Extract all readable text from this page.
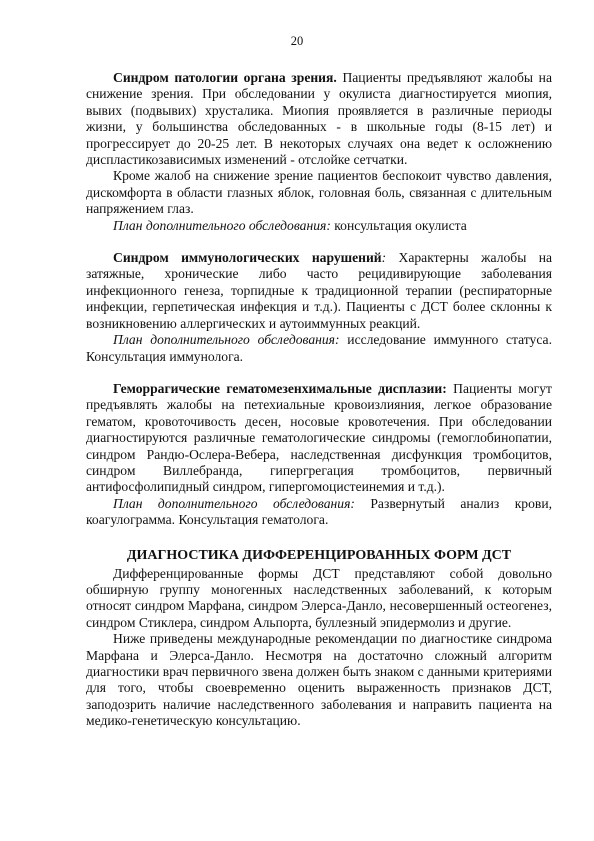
20

Синдром патологии органа зрения. Пациенты предъявляют жалобы на снижение зрения. При обследовании у окулиста диагностируется миопия, вывих (подвывих) хрусталика. Миопия проявляется в различные периоды жизни, у большинства обследованных - в школьные годы (8-15 лет) и прогрессирует до 20-25 лет. В некоторых случаях она ведет к осложнению диспластикозависимых изменений - отслойке сетчатки.

Кроме жалоб на снижение зрение пациентов беспокоит чувство давления, дискомфорта в области глазных яблок, головная боль, связанная с длительным напряжением глаз.

План дополнительного обследования: консультация окулиста

Синдром иммунологических нарушений: Характерны жалобы на затяжные, хронические либо часто рецидивирующие заболевания инфекционного генеза, торпидные к традиционной терапии (респираторные инфекции, герпетическая инфекция и т.д.). Пациенты с ДСТ более склонны к возникновению аллергических и аутоиммунных реакций.

План дополнительного обследования: исследование иммунного статуса. Консультация иммунолога.

Геморрагические гематомезенхимальные дисплазии: Пациенты могут предъявлять жалобы на петехиальные кровоизлияния, легкое образование гематом, кровоточивость десен, носовые кровотечения. При обследовании диагностируются различные гематологические синдромы (гемоглобинопатии, синдром Рандю-Ослера-Вебера, наследственная дисфункция тромбоцитов, синдром Виллебранда, гипергрегация тромбоцитов, первичный антифосфолипидный синдром, гипергомоцистеинемия и т.д.).

План дополнительного обследования: Развернутый анализ крови, коагулограмма. Консультация гематолога.

ДИАГНОСТИКА ДИФФЕРЕНЦИРОВАННЫХ ФОРМ ДСТ

Дифференцированные формы ДСТ представляют собой довольно обширную группу моногенных наследственных заболеваний, к которым относят синдром Марфана, синдром Элерса-Данло, несовершенный остеогенез, синдром Стиклера, синдром Альпорта, буллезный эпидермолиз и другие.

Ниже приведены международные рекомендации по диагностике синдрома Марфана и Элерса-Данло. Несмотря на достаточно сложный алгоритм диагностики врач первичного звена должен быть знаком с данными критериями для того, чтобы своевременно оценить выраженность признаков ДСТ, заподозрить наличие наследственного заболевания и направить пациента на медико-генетическую консультацию.
